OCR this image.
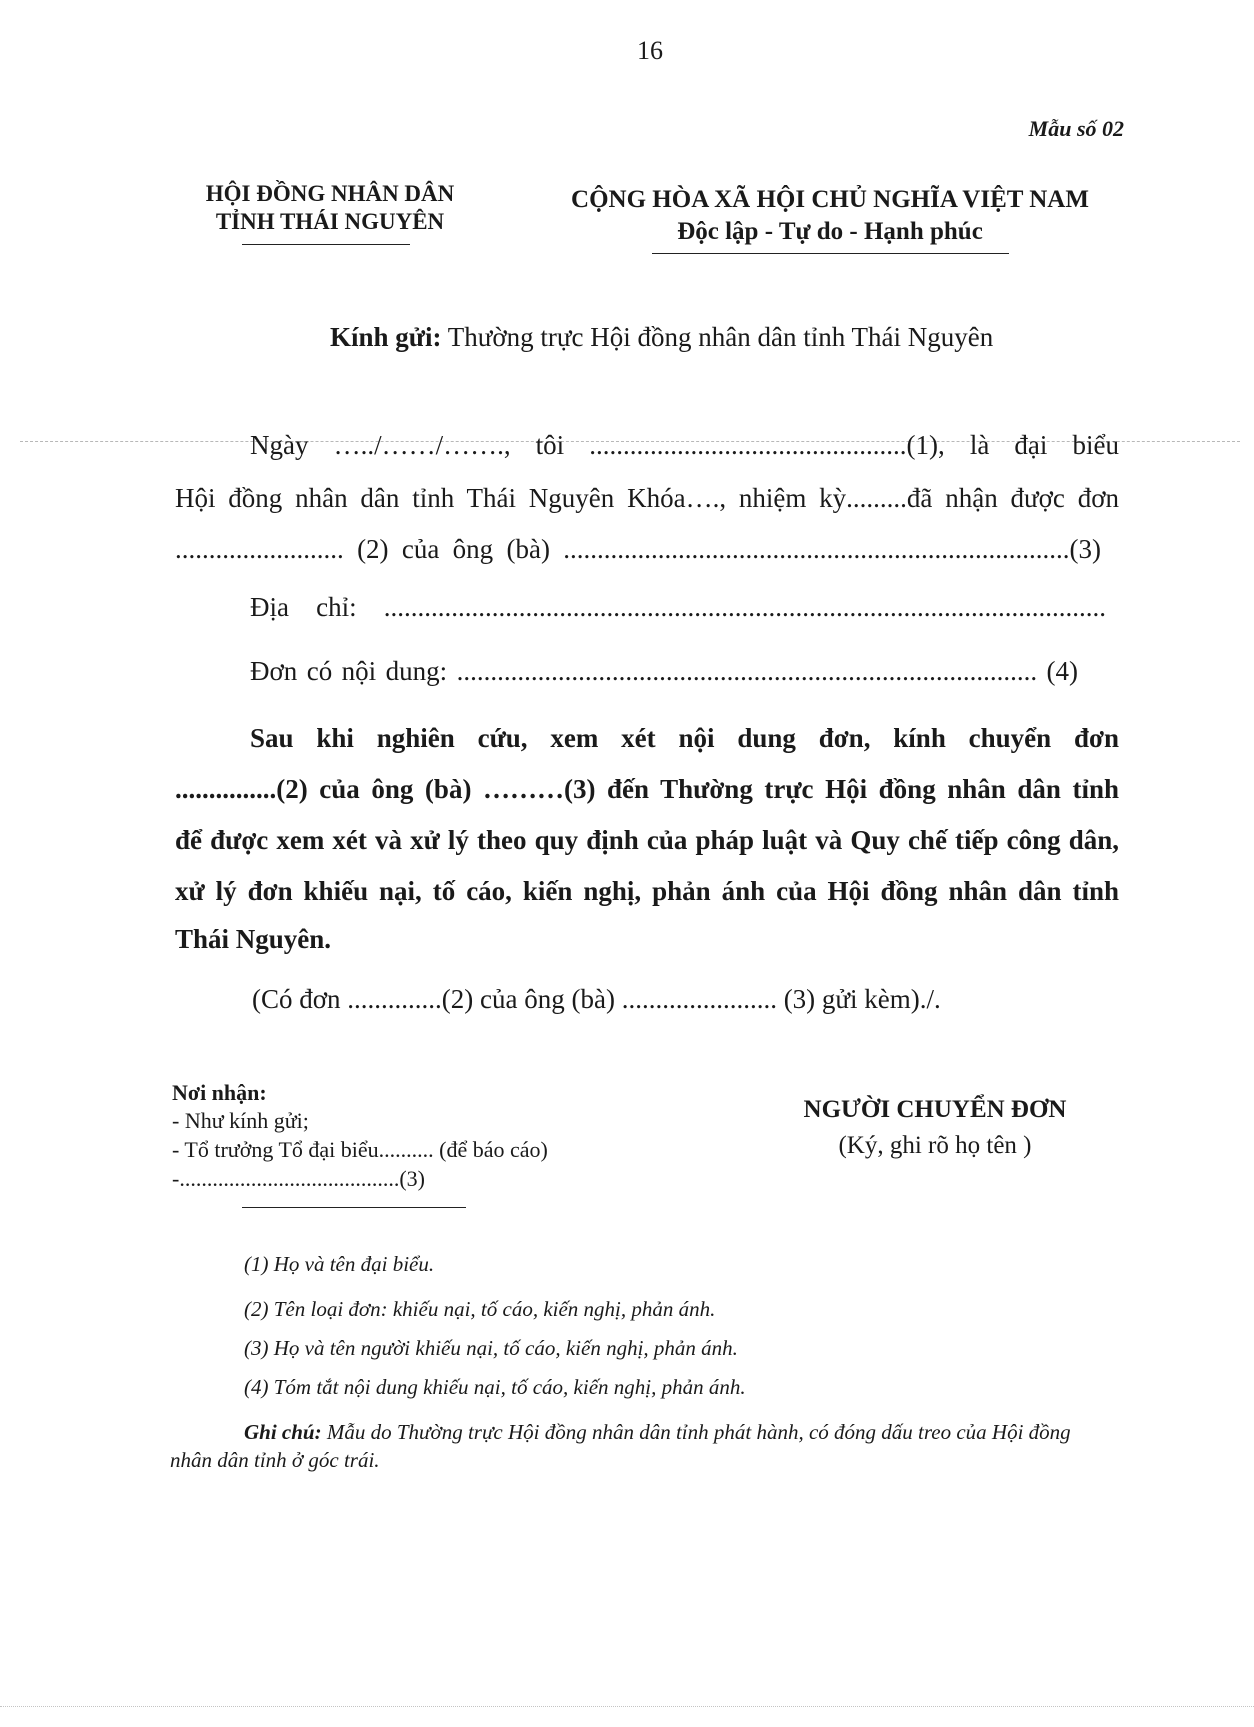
16
Mẫu số 02
HỘI ĐỒNG NHÂN DÂN
TỈNH THÁI NGUYÊN
CỘNG HÒA XÃ HỘI CHỦ NGHĨA VIỆT NAM
Độc lập - Tự do - Hạnh phúc
Kính gửi: Thường trực Hội đồng nhân dân tỉnh Thái Nguyên
Ngày …../……/……., tôi ...............................................(1), là đại biểu
Hội đồng nhân dân tỉnh Thái Nguyên Khóa…., nhiệm kỳ.........đã nhận được đơn
......................... (2) của ông (bà) ...........................................................................(3)
Địa chỉ: ...........................................................................................................
Đơn có nội dung: ...................................................................................... (4)
Sau khi nghiên cứu, xem xét nội dung đơn, kính chuyển đơn
...............(2) của ông (bà) ………(3) đến Thường trực Hội đồng nhân dân tỉnh
để được xem xét và xử lý theo quy định của pháp luật và Quy chế tiếp công dân,
xử lý đơn khiếu nại, tố cáo, kiến nghị, phản ánh của Hội đồng nhân dân tỉnh
Thái Nguyên.
(Có đơn ..............(2) của ông (bà) ....................... (3) gửi kèm)./.
Nơi nhận:
- Như kính gửi;
- Tổ trưởng Tổ đại biểu.......... (để báo cáo)
-........................................(3)
NGƯỜI CHUYỂN ĐƠN
(Ký, ghi rõ họ tên )
(1) Họ và tên đại biểu.
(2) Tên loại đơn: khiếu nại, tố cáo, kiến nghị, phản ánh.
(3) Họ và tên người khiếu nại, tố cáo, kiến nghị, phản ánh.
(4) Tóm tắt nội dung khiếu nại, tố cáo, kiến nghị, phản ánh.
Ghi chú: Mẫu do Thường trực Hội đồng nhân dân tỉnh phát hành, có đóng dấu treo của Hội đồng nhân dân tỉnh ở góc trái.
